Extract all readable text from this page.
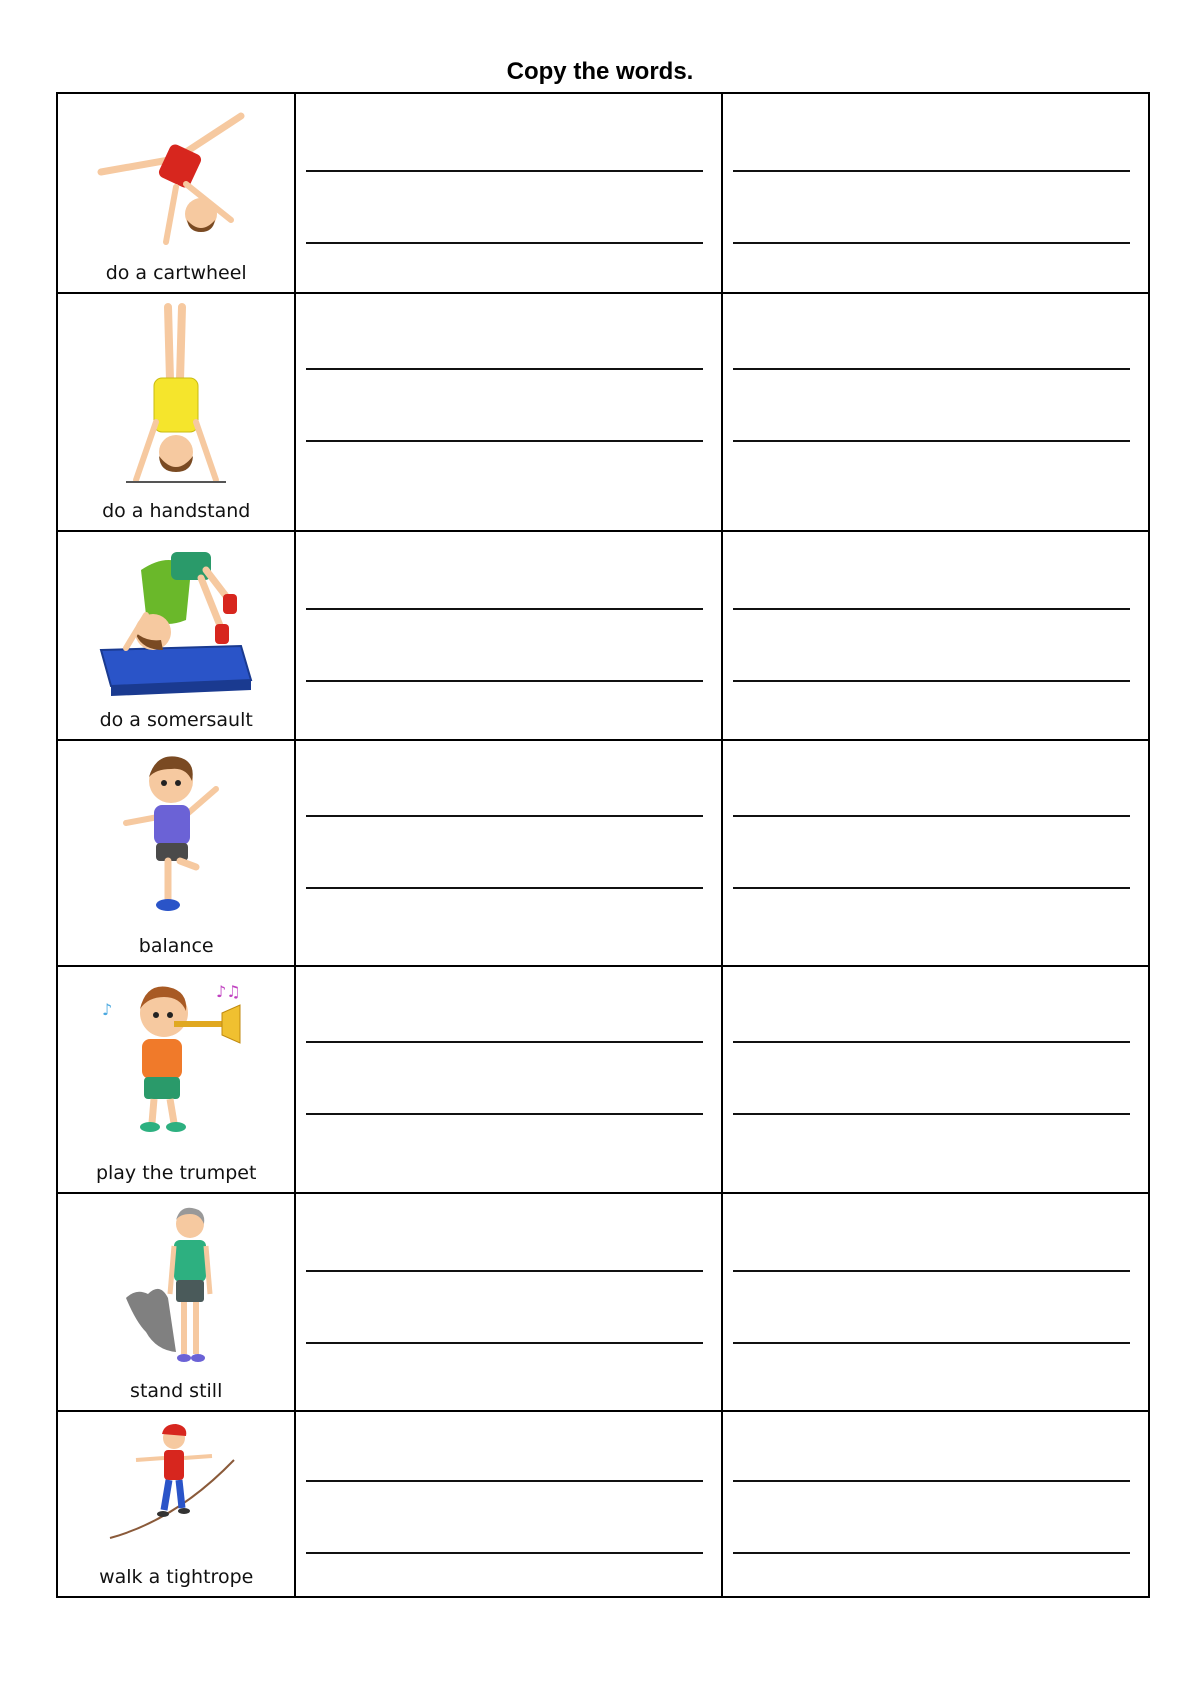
Copy the words.
do a cartwheel		

do a handstand		

do a somersault		

balance		

♪
♪♫
play the trumpet		

stand still		

walk a tightrope		
